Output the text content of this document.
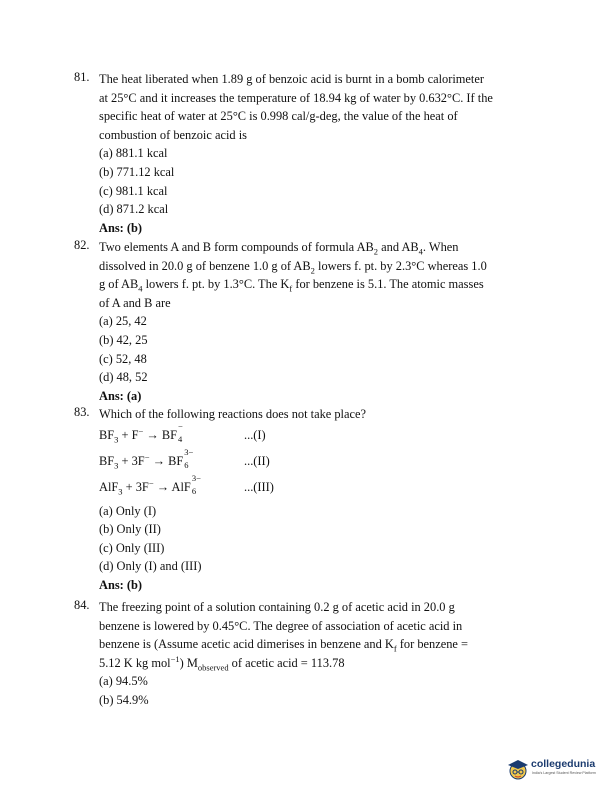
81. The heat liberated when 1.89 g of benzoic acid is burnt in a bomb calorimeter
at 25°C and it increases the temperature of 18.94 kg of water by 0.632°C. If the
specific heat of water at 25°C is 0.998 cal/g-deg, the value of the heat of
combustion of benzoic acid is
(a) 881.1 kcal
(b) 771.12 kcal
(c) 981.1 kcal
(d) 871.2 kcal
Ans: (b)
82. Two elements A and B form compounds of formula $AB_2$ and $AB_4$. When
dissolved in 20.0 g of benzene 1.0 g of $AB_2$ lowers f. pt. by 2.3°C whereas 1.0
g of $AB_4$ lowers f. pt. by 1.3°C. The $K_f$ for benzene is 5.1. The atomic masses
of A and B are
(a) 25, 42
(b) 42, 25
(c) 52, 48
(d) 48, 52
Ans: (a)
83. Which of the following reactions does not take place?
$BF_3 + F^-$ → BF
−
4	...(I)
$BF_3 + 3F^-$ → BF
3−
6	...(II)
AlF$_3$ + 3F− → AlF
3−
6	...(III)
(a) Only (I)
(b) Only (II)
(c) Only (III)
(d) Only (I) and (III)
Ans: (b)
84. The freezing point of a solution containing 0.2 g of acetic acid in 20.0 g
benzene is lowered by 0.45°C. The degree of association of acetic acid in
benzene is (Assume acetic acid dimerises in benzene and $K_f$ for benzene =
5.12 K kg mol$^{-1}$) $M_{observed}$ of acetic acid = 113.78
(a) 94.5%
(b) 54.9%
collegedunia
India's Largest Student Review Platform
